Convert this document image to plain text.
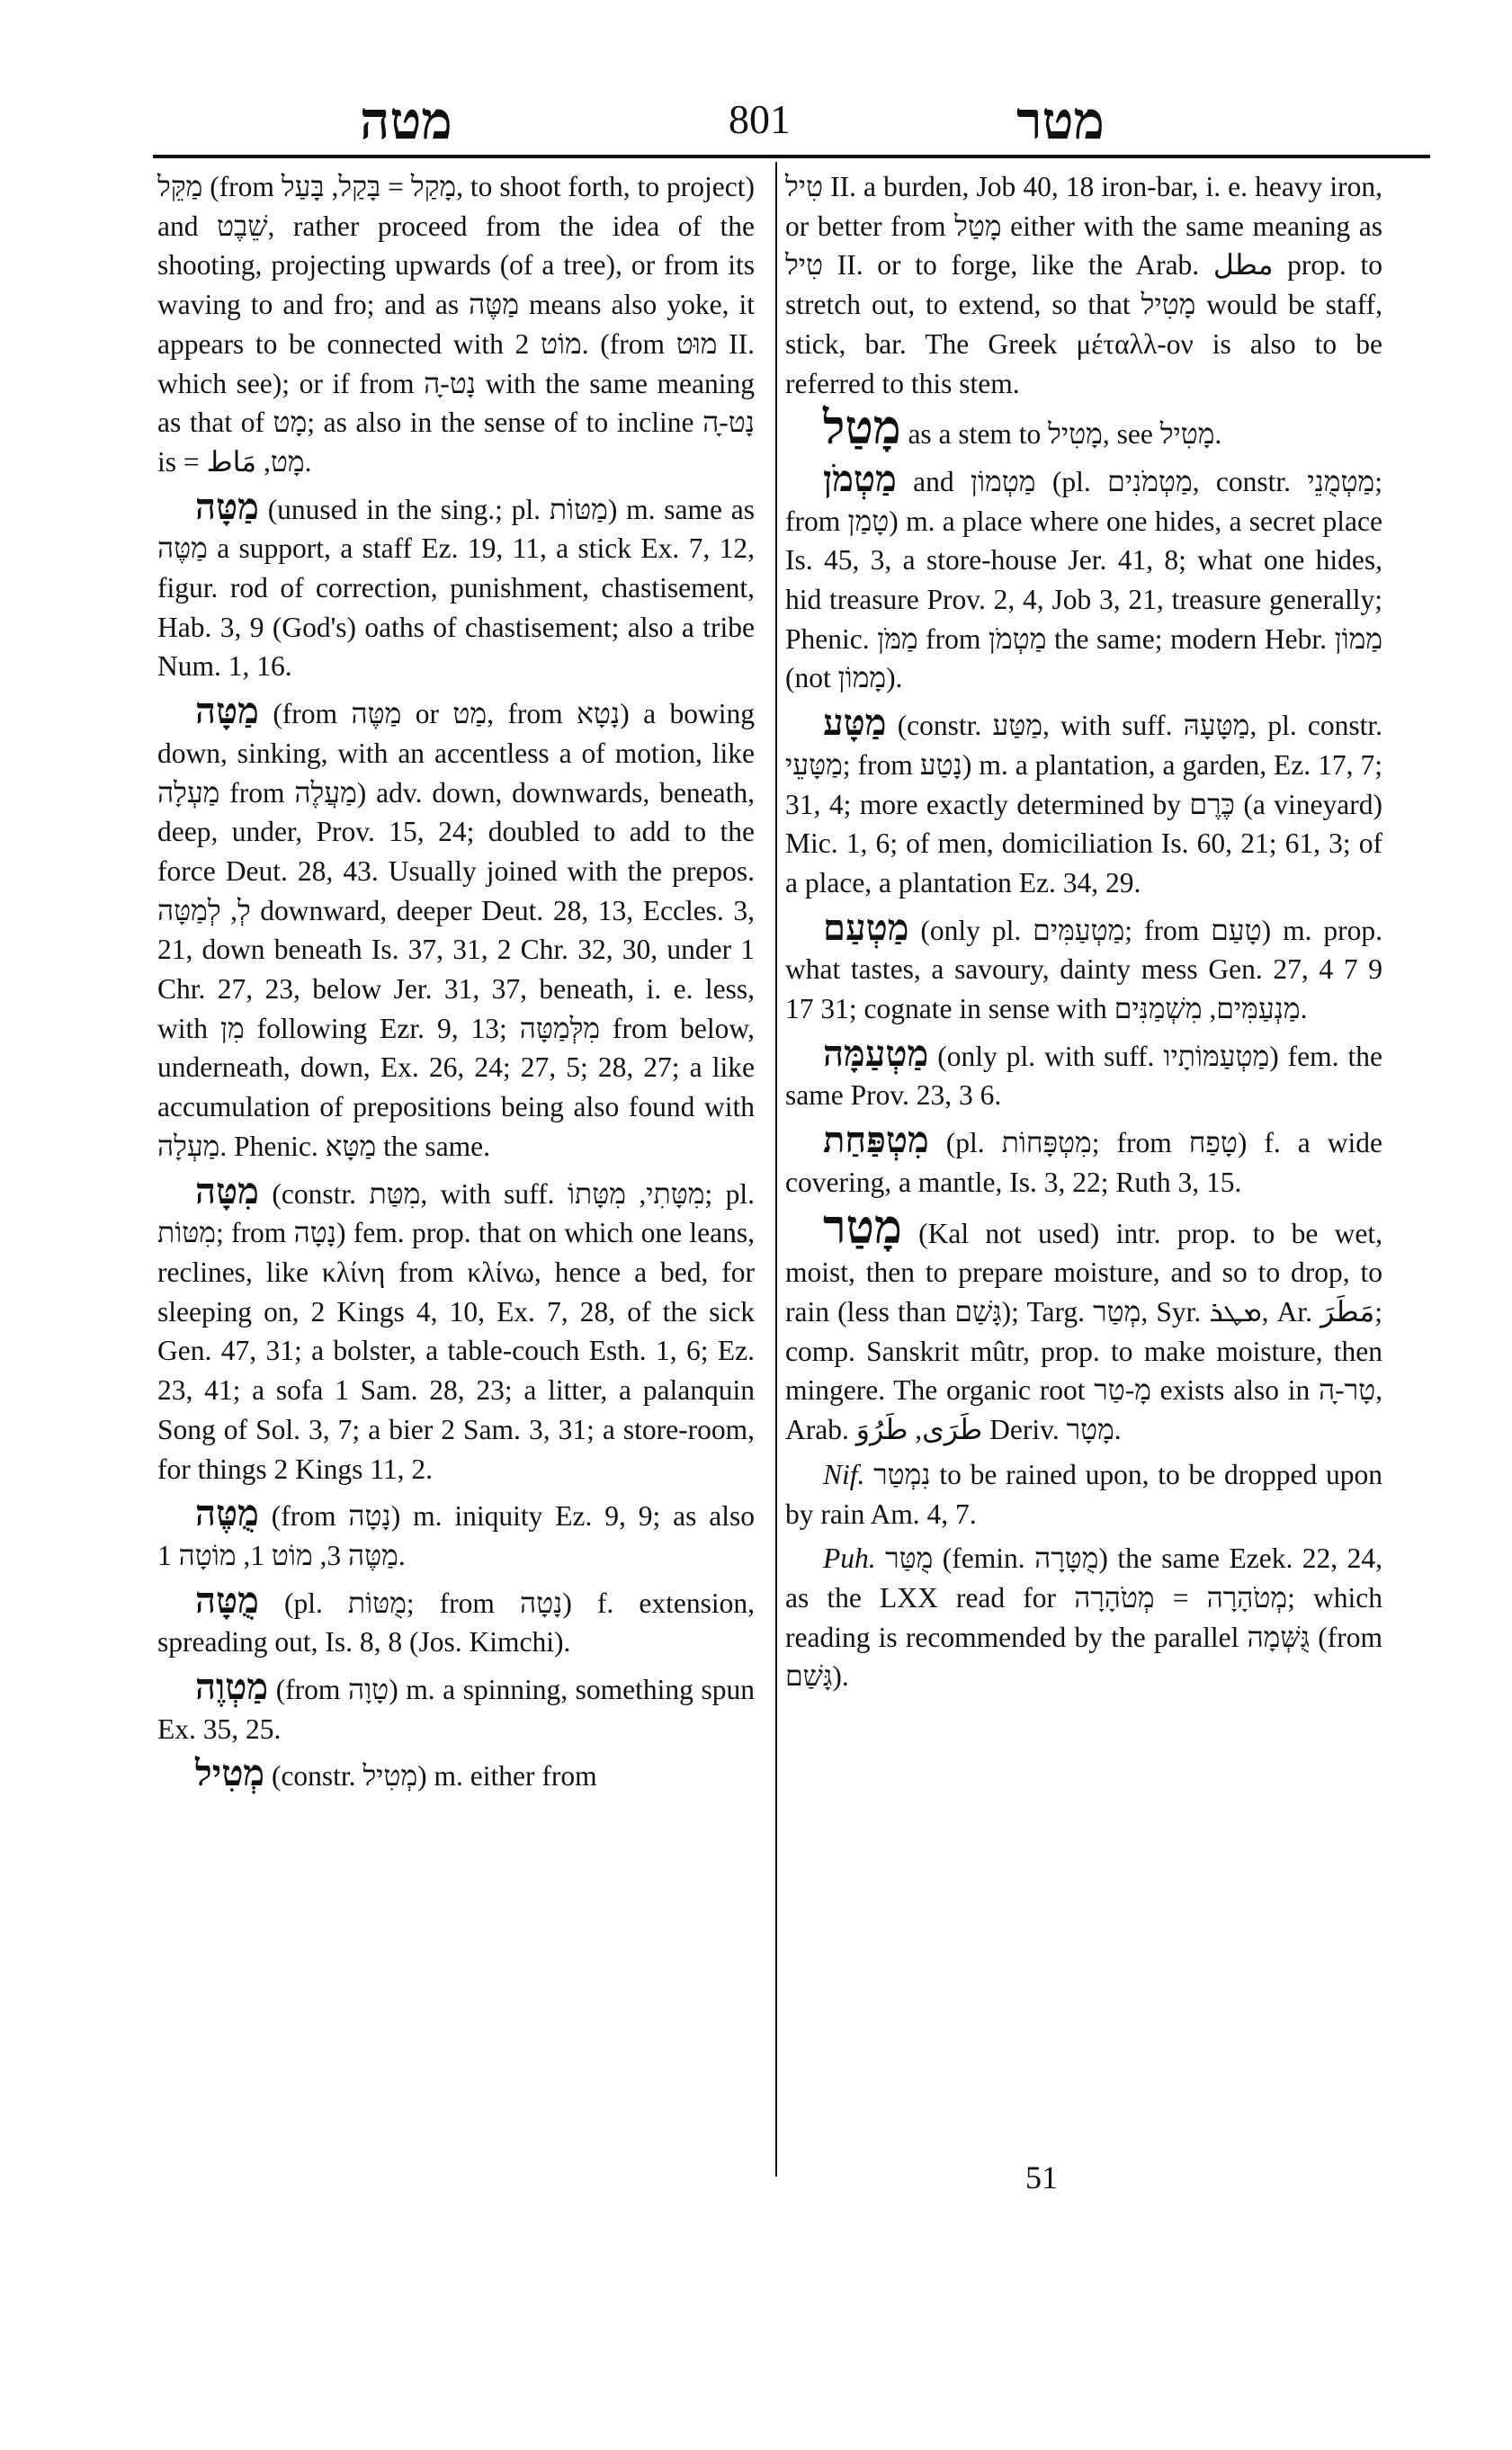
מטה	801	מטר

מַקֵּל (from מָקַל = בָּקַל, בָּעַל, to shoot forth, to project) and שֵׁבֶט, rather proceed from the idea of the shooting, projecting upwards (of a tree), or from its waving to and fro; and as מַטֶּה means also yoke, it appears to be connected with מוֹט 2. (from מוּט II. which see); or if from נָט-ָה with the same meaning as that of מָט; as also in the sense of to incline נָט-ָה is = מָט, مَاط.

מַטָּה (unused in the sing.; pl. מַטּוֹת) m. same as מַטֶּה a support, a staff Ez. 19, 11, a stick Ex. 7, 12, figur. rod of correction, punishment, chastisement, Hab. 3, 9 (God's) oaths of chastisement; also a tribe Num. 1, 16.

מַטָּה (from מַטֶּה or מַט, from נָטָא) a bowing down, sinking, with an accentless a of motion, like מַעְלָה from מַעֲלֶה) adv. down, downwards, beneath, deep, under, Prov. 15, 24; doubled to add to the force Deut. 28, 43. Usually joined with the prepos. לְ, לְמַטָּה downward, deeper Deut. 28, 13, Eccles. 3, 21, down beneath Is. 37, 31, 2 Chr. 32, 30, under 1 Chr. 27, 23, below Jer. 31, 37, beneath, i. e. less, with מִן following Ezr. 9, 13; מִלְּמַטָּה from below, underneath, down, Ex. 26, 24; 27, 5; 28, 27; a like accumulation of prepositions being also found with מַעְלָה. Phenic. מַטָּא the same.

מִטָּה (constr. מִטַּת, with suff. מִטָּתִי, מִטָּתוֹ; pl. מִטּוֹת; from נָטָה) fem. prop. that on which one leans, reclines, like κλίνη from κλίνω, hence a bed, for sleeping on, 2 Kings 4, 10, Ex. 7, 28, of the sick Gen. 47, 31; a bolster, a table-couch Esth. 1, 6; Ez. 23, 41; a sofa 1 Sam. 28, 23; a litter, a palanquin Song of Sol. 3, 7; a bier 2 Sam. 3, 31; a store-room, for things 2 Kings 11, 2.

מֻטֶּה (from נָטָה) m. iniquity Ez. 9, 9; as also מַטֶּה 3, מוֹט 1, מוֹטָה 1.

מֻטָּה (pl. מֻטּוֹת; from נָטָה) f. extension, spreading out, Is. 8, 8 (Jos. Kimchi).

מַטְוֶה (from טָוָה) m. a spinning, something spun Ex. 35, 25.

מְטִיל (constr. מְטִיל) m. either from

טִיל II. a burden, Job 40, 18 iron-bar, i. e. heavy iron, or better from מָטַל either with the same meaning as טִיל II. or to forge, like the Arab. مطل prop. to stretch out, to extend, so that מָטִיל would be staff, stick, bar. The Greek μέταλλ-ον is also to be referred to this stem.

מָטַל as a stem to מָטִיל, see מָטִיל.

מַטְמֹן and מַטְמוֹן (pl. מַטְמֹנִים, constr. מַטְמֻנֵי; from טָמַן) m. a place where one hides, a secret place Is. 45, 3, a store-house Jer. 41, 8; what one hides, hid treasure Prov. 2, 4, Job 3, 21, treasure generally; Phenic. מַמֹּן from מַטְמֹן the same; modern Hebr. מַמוֹן (not מָמוֹן).

מַטָּע (constr. מַטַּע, with suff. מַטָּעָהּ, pl. constr. מַטָּעֵי; from נָטַע) m. a plantation, a garden, Ez. 17, 7; 31, 4; more exactly determined by כֶּרֶם (a vineyard) Mic. 1, 6; of men, domiciliation Is. 60, 21; 61, 3; of a place, a plantation Ez. 34, 29.

מַטְעַם (only pl. מַטְעַמִּים; from טָעַם) m. prop. what tastes, a savoury, dainty mess Gen. 27, 4 7 9 17 31; cognate in sense with מַנְעַמִּים, מִשְׁמַנִּים.

מַטְעַמָּה (only pl. with suff. מַטְעַמּוֹתָיו) fem. the same Prov. 23, 3 6.

מִטְפַּחַת (pl. מִטְפָּחוֹת; from טָפַח) f. a wide covering, a mantle, Is. 3, 22; Ruth 3, 15.

מָטַר (Kal not used) intr. prop. to be wet, moist, then to prepare moisture, and so to drop, to rain (less than גָּשַׁם); Targ. מְטַר, Syr. ܡܛܪ, Ar. مَطَرَ; comp. Sanskrit mûtr, prop. to make moisture, then mingere. The organic root מָ-טַר exists also in טָר-ָה, Arab. طَرَى, طَرُوَ Deriv. מָטָר.

Nif. נִמְטַר to be rained upon, to be dropped upon by rain Am. 4, 7.

Puh. מֻטַּר (femin. מֻטָּרָה) the same Ezek. 22, 24, as the LXX read for מְטֹהָרָה = מְטֹהָרָה; which reading is recommended by the parallel גֻּשְּׁמָה (from גָּשַׁם).

51
